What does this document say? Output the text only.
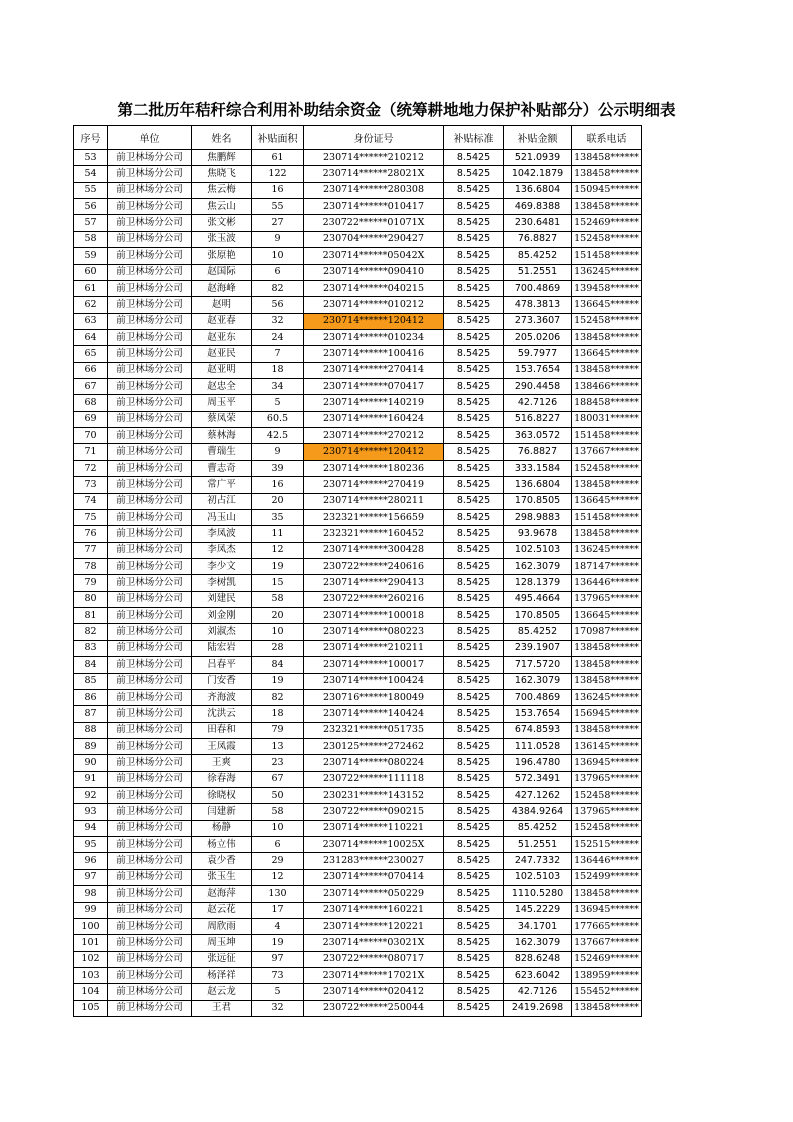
第二批历年秸秆综合利用补助结余资金（统筹耕地地力保护补贴部分）公示明细表
序号	单位	姓名	补贴面积	身份证号	补贴标准	补贴金额	联系电话
53	前卫林场分公司	焦鹏辉	61	230714******210212	8.5425	521.0939	138458******
54	前卫林场分公司	焦晓飞	122	230714******28021X	8.5425	1042.1879	138458******
55	前卫林场分公司	焦云梅	16	230714******280308	8.5425	136.6804	150945******
56	前卫林场分公司	焦云山	55	230714******010417	8.5425	469.8388	138458******
57	前卫林场分公司	张文彬	27	230722******01071X	8.5425	230.6481	152469******
58	前卫林场分公司	张玉波	9	230704******290427	8.5425	76.8827	152458******
59	前卫林场分公司	张原艳	10	230714******05042X	8.5425	85.4252	151458******
60	前卫林场分公司	赵国际	6	230714******090410	8.5425	51.2551	136245******
61	前卫林场分公司	赵海峰	82	230714******040215	8.5425	700.4869	139458******
62	前卫林场分公司	赵明	56	230714******010212	8.5425	478.3813	136645******
63	前卫林场分公司	赵亚春	32	230714******120412	8.5425	273.3607	152458******
64	前卫林场分公司	赵亚东	24	230714******010234	8.5425	205.0206	138458******
65	前卫林场分公司	赵亚民	7	230714******100416	8.5425	59.7977	136645******
66	前卫林场分公司	赵亚明	18	230714******270414	8.5425	153.7654	138458******
67	前卫林场分公司	赵忠全	34	230714******070417	8.5425	290.4458	138466******
68	前卫林场分公司	周玉平	5	230714******140219	8.5425	42.7126	188458******
69	前卫林场分公司	蔡凤荣	60.5	230714******160424	8.5425	516.8227	180031******
70	前卫林场分公司	蔡林海	42.5	230714******270212	8.5425	363.0572	151458******
71	前卫林场分公司	曹瑞生	9	230714******120412	8.5425	76.8827	137667******
72	前卫林场分公司	曹志奇	39	230714******180236	8.5425	333.1584	152458******
73	前卫林场分公司	常广平	16	230714******270419	8.5425	136.6804	138458******
74	前卫林场分公司	初占江	20	230714******280211	8.5425	170.8505	136645******
75	前卫林场分公司	冯玉山	35	232321******156659	8.5425	298.9883	151458******
76	前卫林场分公司	李凤波	11	232321******160452	8.5425	93.9678	138458******
77	前卫林场分公司	李凤杰	12	230714******300428	8.5425	102.5103	136245******
78	前卫林场分公司	李少文	19	230722******240616	8.5425	162.3079	187147******
79	前卫林场分公司	李树凯	15	230714******290413	8.5425	128.1379	136446******
80	前卫林场分公司	刘建民	58	230722******260216	8.5425	495.4664	137965******
81	前卫林场分公司	刘金刚	20	230714******100018	8.5425	170.8505	136645******
82	前卫林场分公司	刘淑杰	10	230714******080223	8.5425	85.4252	170987******
83	前卫林场分公司	陆宏岩	28	230714******210211	8.5425	239.1907	138458******
84	前卫林场分公司	吕春平	84	230714******100017	8.5425	717.5720	138458******
85	前卫林场分公司	门安香	19	230714******100424	8.5425	162.3079	138458******
86	前卫林场分公司	齐海波	82	230716******180049	8.5425	700.4869	136245******
87	前卫林场分公司	沈洪云	18	230714******140424	8.5425	153.7654	156945******
88	前卫林场分公司	田春和	79	232321******051735	8.5425	674.8593	138458******
89	前卫林场分公司	王凤霞	13	230125******272462	8.5425	111.0528	136145******
90	前卫林场分公司	王爽	23	230714******080224	8.5425	196.4780	136945******
91	前卫林场分公司	徐春海	67	230722******111118	8.5425	572.3491	137965******
92	前卫林场分公司	徐晓权	50	230231******143152	8.5425	427.1262	152458******
93	前卫林场分公司	闫建新	58	230722******090215	8.5425	4384.9264	137965******
94	前卫林场分公司	杨静	10	230714******110221	8.5425	85.4252	152458******
95	前卫林场分公司	杨立伟	6	230714******10025X	8.5425	51.2551	152515******
96	前卫林场分公司	袁少香	29	231283******230027	8.5425	247.7332	136446******
97	前卫林场分公司	张玉生	12	230714******070414	8.5425	102.5103	152499******
98	前卫林场分公司	赵海萍	130	230714******050229	8.5425	1110.5280	138458******
99	前卫林场分公司	赵云花	17	230714******160221	8.5425	145.2229	136945******
100	前卫林场分公司	周欣雨	4	230714******120221	8.5425	34.1701	177665******
101	前卫林场分公司	周玉坤	19	230714******03021X	8.5425	162.3079	137667******
102	前卫林场分公司	张远征	97	230722******080717	8.5425	828.6248	152469******
103	前卫林场分公司	杨泽祥	73	230714******17021X	8.5425	623.6042	138959******
104	前卫林场分公司	赵云龙	5	230714******020412	8.5425	42.7126	155452******
105	前卫林场分公司	王君	32	230722******250044	8.5425	2419.2698	138458******
